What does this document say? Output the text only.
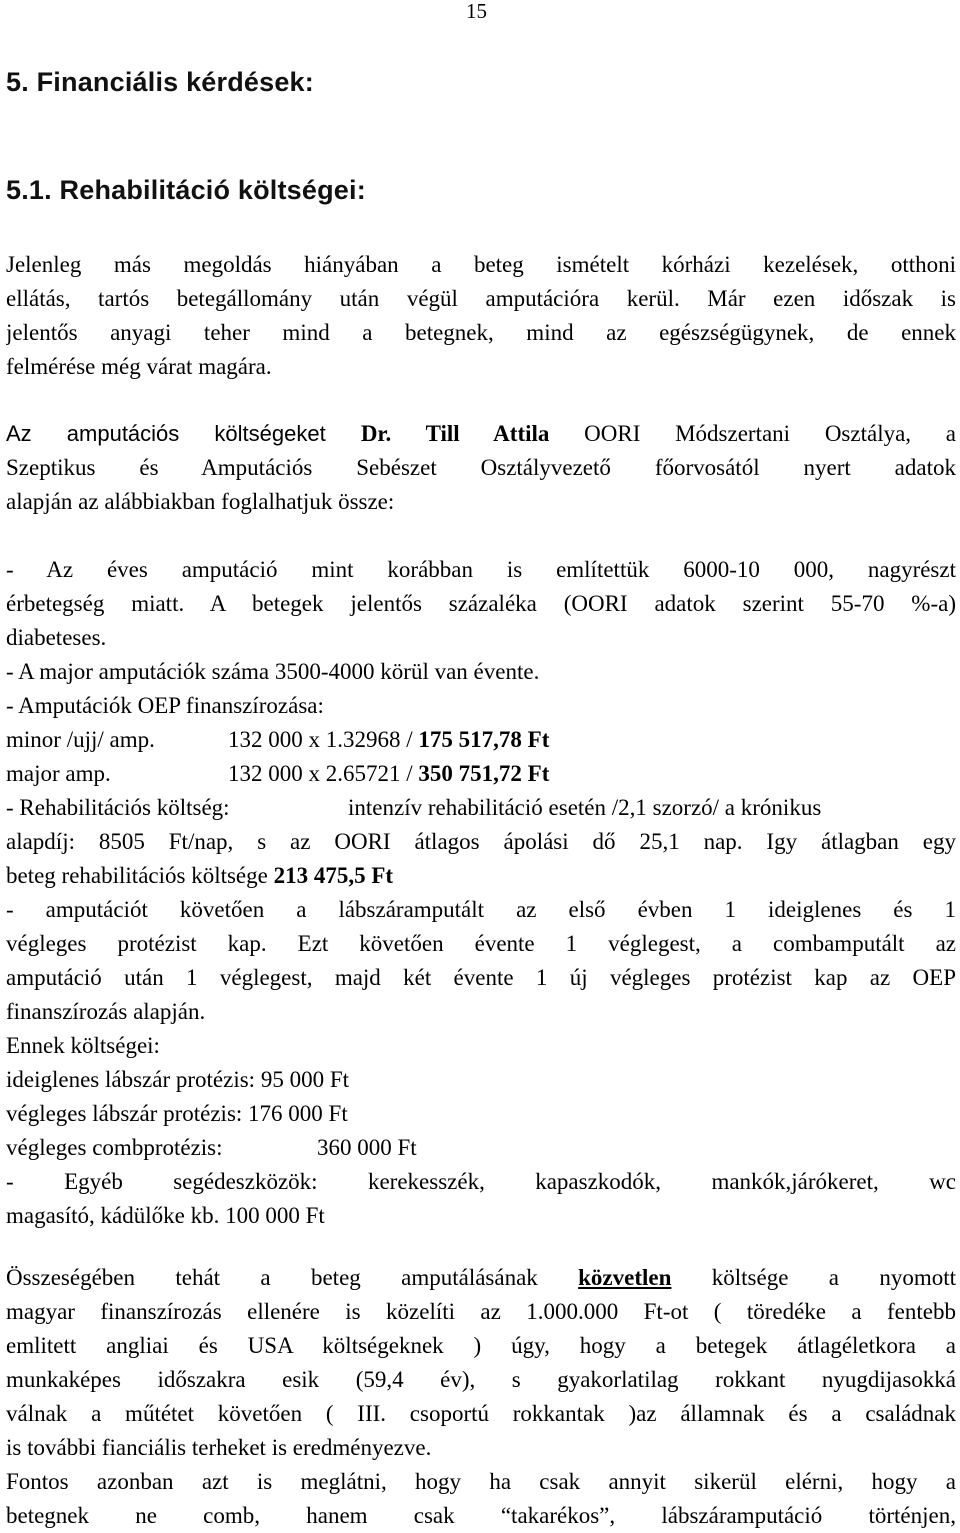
15
5. Financiális kérdések:
5.1. Rehabilitáció költségei:
Jelenleg más megoldás hiányában a beteg ismételt kórházi kezelések, otthoni
ellátás, tartós betegállomány után végül amputációra kerül. Már ezen időszak is
jelentős anyagi teher mind a betegnek, mind az egészségügynek, de ennek
felmérése még várat magára.
Az amputációs költségeket Dr. Till Attila OORI Módszertani Osztálya, a
Szeptikus és Amputációs Sebészet Osztályvezető főorvosától nyert adatok
alapján az alábbiakban foglalhatjuk össze:
- Az éves amputáció mint korábban is említettük 6000-10 000, nagyrészt
érbetegség miatt. A betegek jelentős százaléka (OORI adatok szerint 55-70 %-a)
diabeteses.
- A major amputációk száma 3500-4000 körül van évente.
- Amputációk OEP finanszírozása:
minor /ujj/ amp.	132 000 x 1.32968 / 175 517,78 Ft
major amp.	132 000 x 2.65721 / 350 751,72 Ft
- Rehabilitációs költség:	intenzív rehabilitáció esetén /2,1 szorzó/ a krónikus
alapdíj: 8505 Ft/nap, s az OORI átlagos ápolási dő 25,1 nap. Igy átlagban egy
beteg rehabilitációs költsége 213 475,5 Ft
- amputációt követően a lábszáramputált az első évben 1 ideiglenes és 1
végleges protézist kap. Ezt követően évente 1 véglegest, a combamputált az
amputáció után 1 véglegest, majd két évente 1 új végleges protézist kap az OEP
finanszírozás alapján.
Ennek költségei:
ideiglenes lábszár protézis: 95 000 Ft
végleges lábszár protézis: 176 000 Ft
végleges combprotézis:	360 000 Ft
- Egyéb segédeszközök: kerekesszék, kapaszkodók, mankók,járókeret, wc
magasító, kádülőke kb. 100 000 Ft
Összeségében tehát a beteg amputálásának közvetlen költsége a nyomott
magyar finanszírozás ellenére is közelíti az 1.000.000 Ft-ot ( töredéke a fentebb
emlitett angliai és USA költségeknek ) úgy, hogy a betegek átlagéletkora a
munkaképes időszakra esik (59,4 év), s gyakorlatilag rokkant nyugdijasokká
válnak a műtétet követően ( III. csoportú rokkantak )az államnak és a családnak
is további fianciális terheket is eredményezve.
Fontos azonban azt is meglátni, hogy ha csak annyit sikerül elérni, hogy a
betegnek ne comb, hanem csak “takarékos”, lábszáramputáció történjen,
